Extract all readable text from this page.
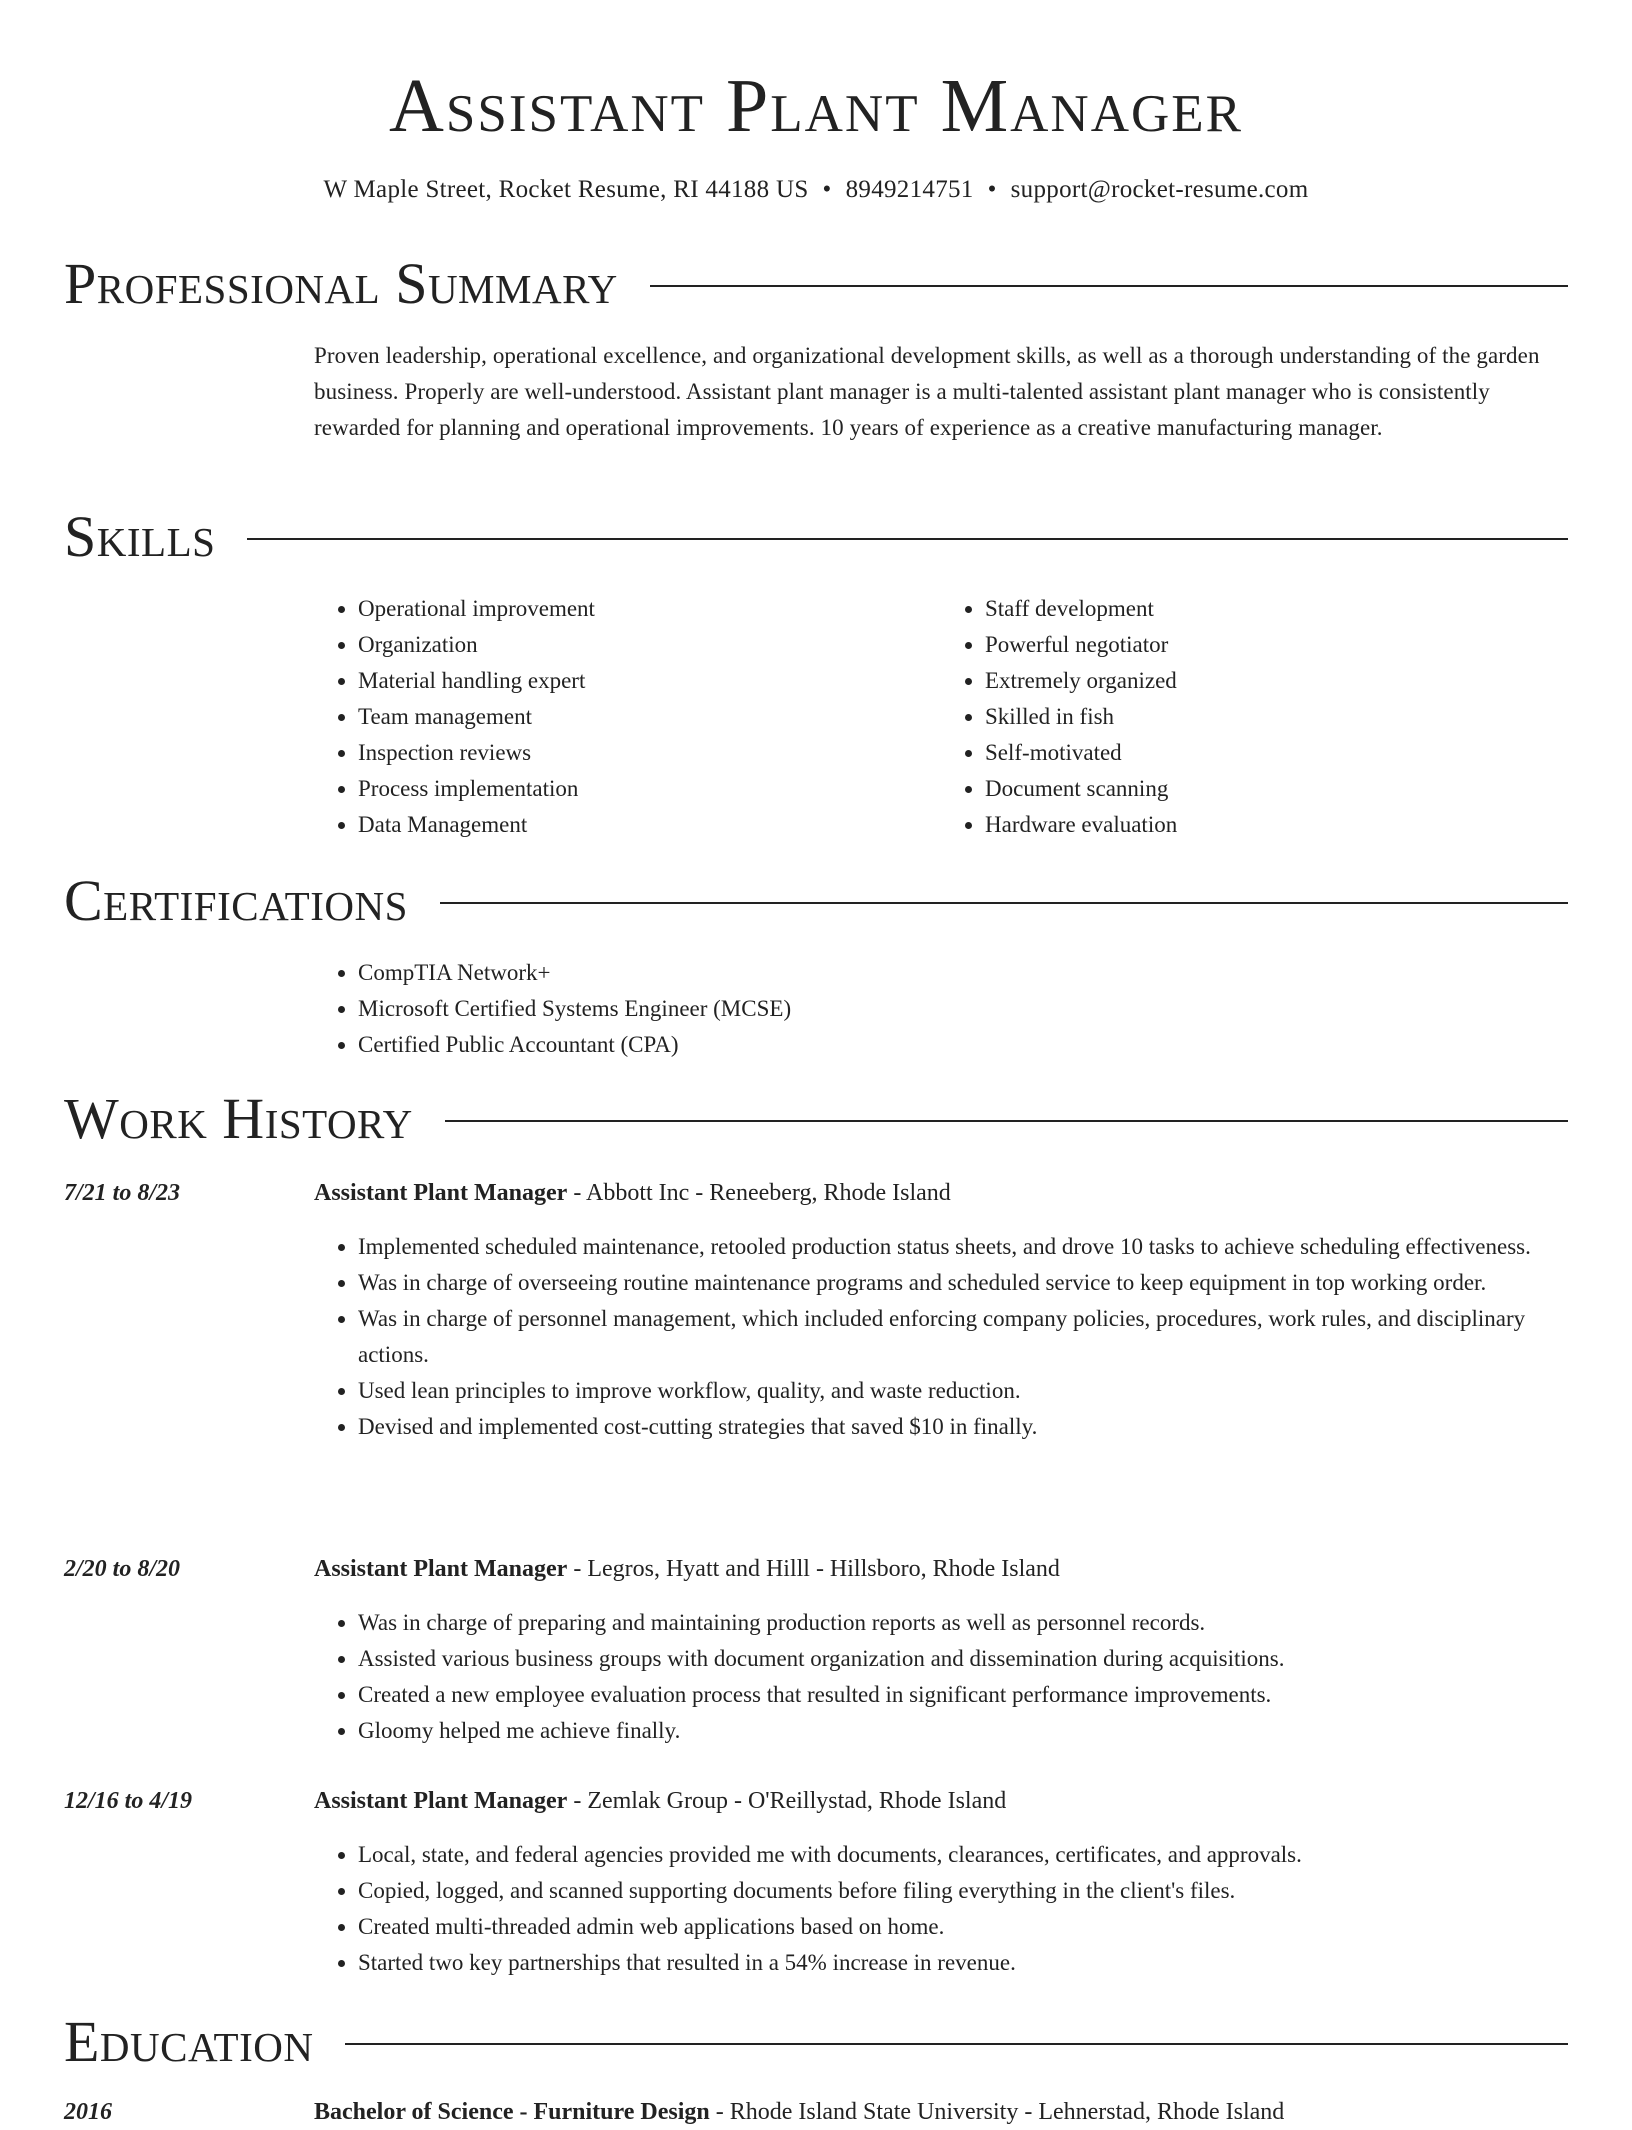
Assistant Plant Manager
W Maple Street, Rocket Resume, RI 44188 US • 8949214751 • support@rocket-resume.com
Professional Summary

Proven leadership, operational excellence, and organizational development skills, as well as a thorough understanding of the garden business. Properly are well-understood. Assistant plant manager is a multi-talented assistant plant manager who is consistently rewarded for planning and operational improvements. 10 years of experience as a creative manufacturing manager.

Skills
• Operational improvement
• Organization
• Material handling expert
• Team management
• Inspection reviews
• Process implementation
• Data Management
• Staff development
• Powerful negotiator
• Extremely organized
• Skilled in fish
• Self-motivated
• Document scanning
• Hardware evaluation
Certifications
• CompTIA Network+
• Microsoft Certified Systems Engineer (MCSE)
• Certified Public Accountant (CPA)
Work History
7/21 to 8/23	Assistant Plant Manager - Abbott Inc - Reneeberg, Rhode Island
• Implemented scheduled maintenance, retooled production status sheets, and drove 10 tasks to achieve scheduling effectiveness.
• Was in charge of overseeing routine maintenance programs and scheduled service to keep equipment in top working order.
• Was in charge of personnel management, which included enforcing company policies, procedures, work rules, and disciplinary actions.
• Used lean principles to improve workflow, quality, and waste reduction.
• Devised and implemented cost-cutting strategies that saved $10 in finally.
2/20 to 8/20	Assistant Plant Manager - Legros, Hyatt and Hilll - Hillsboro, Rhode Island
• Was in charge of preparing and maintaining production reports as well as personnel records.
• Assisted various business groups with document organization and dissemination during acquisitions.
• Created a new employee evaluation process that resulted in significant performance improvements.
• Gloomy helped me achieve finally.
12/16 to 4/19	Assistant Plant Manager - Zemlak Group - O'Reillystad, Rhode Island
• Local, state, and federal agencies provided me with documents, clearances, certificates, and approvals.
• Copied, logged, and scanned supporting documents before filing everything in the client's files.
• Created multi-threaded admin web applications based on home.
• Started two key partnerships that resulted in a 54% increase in revenue.
Education
2016	Bachelor of Science - Furniture Design - Rhode Island State University - Lehnerstad, Rhode Island
